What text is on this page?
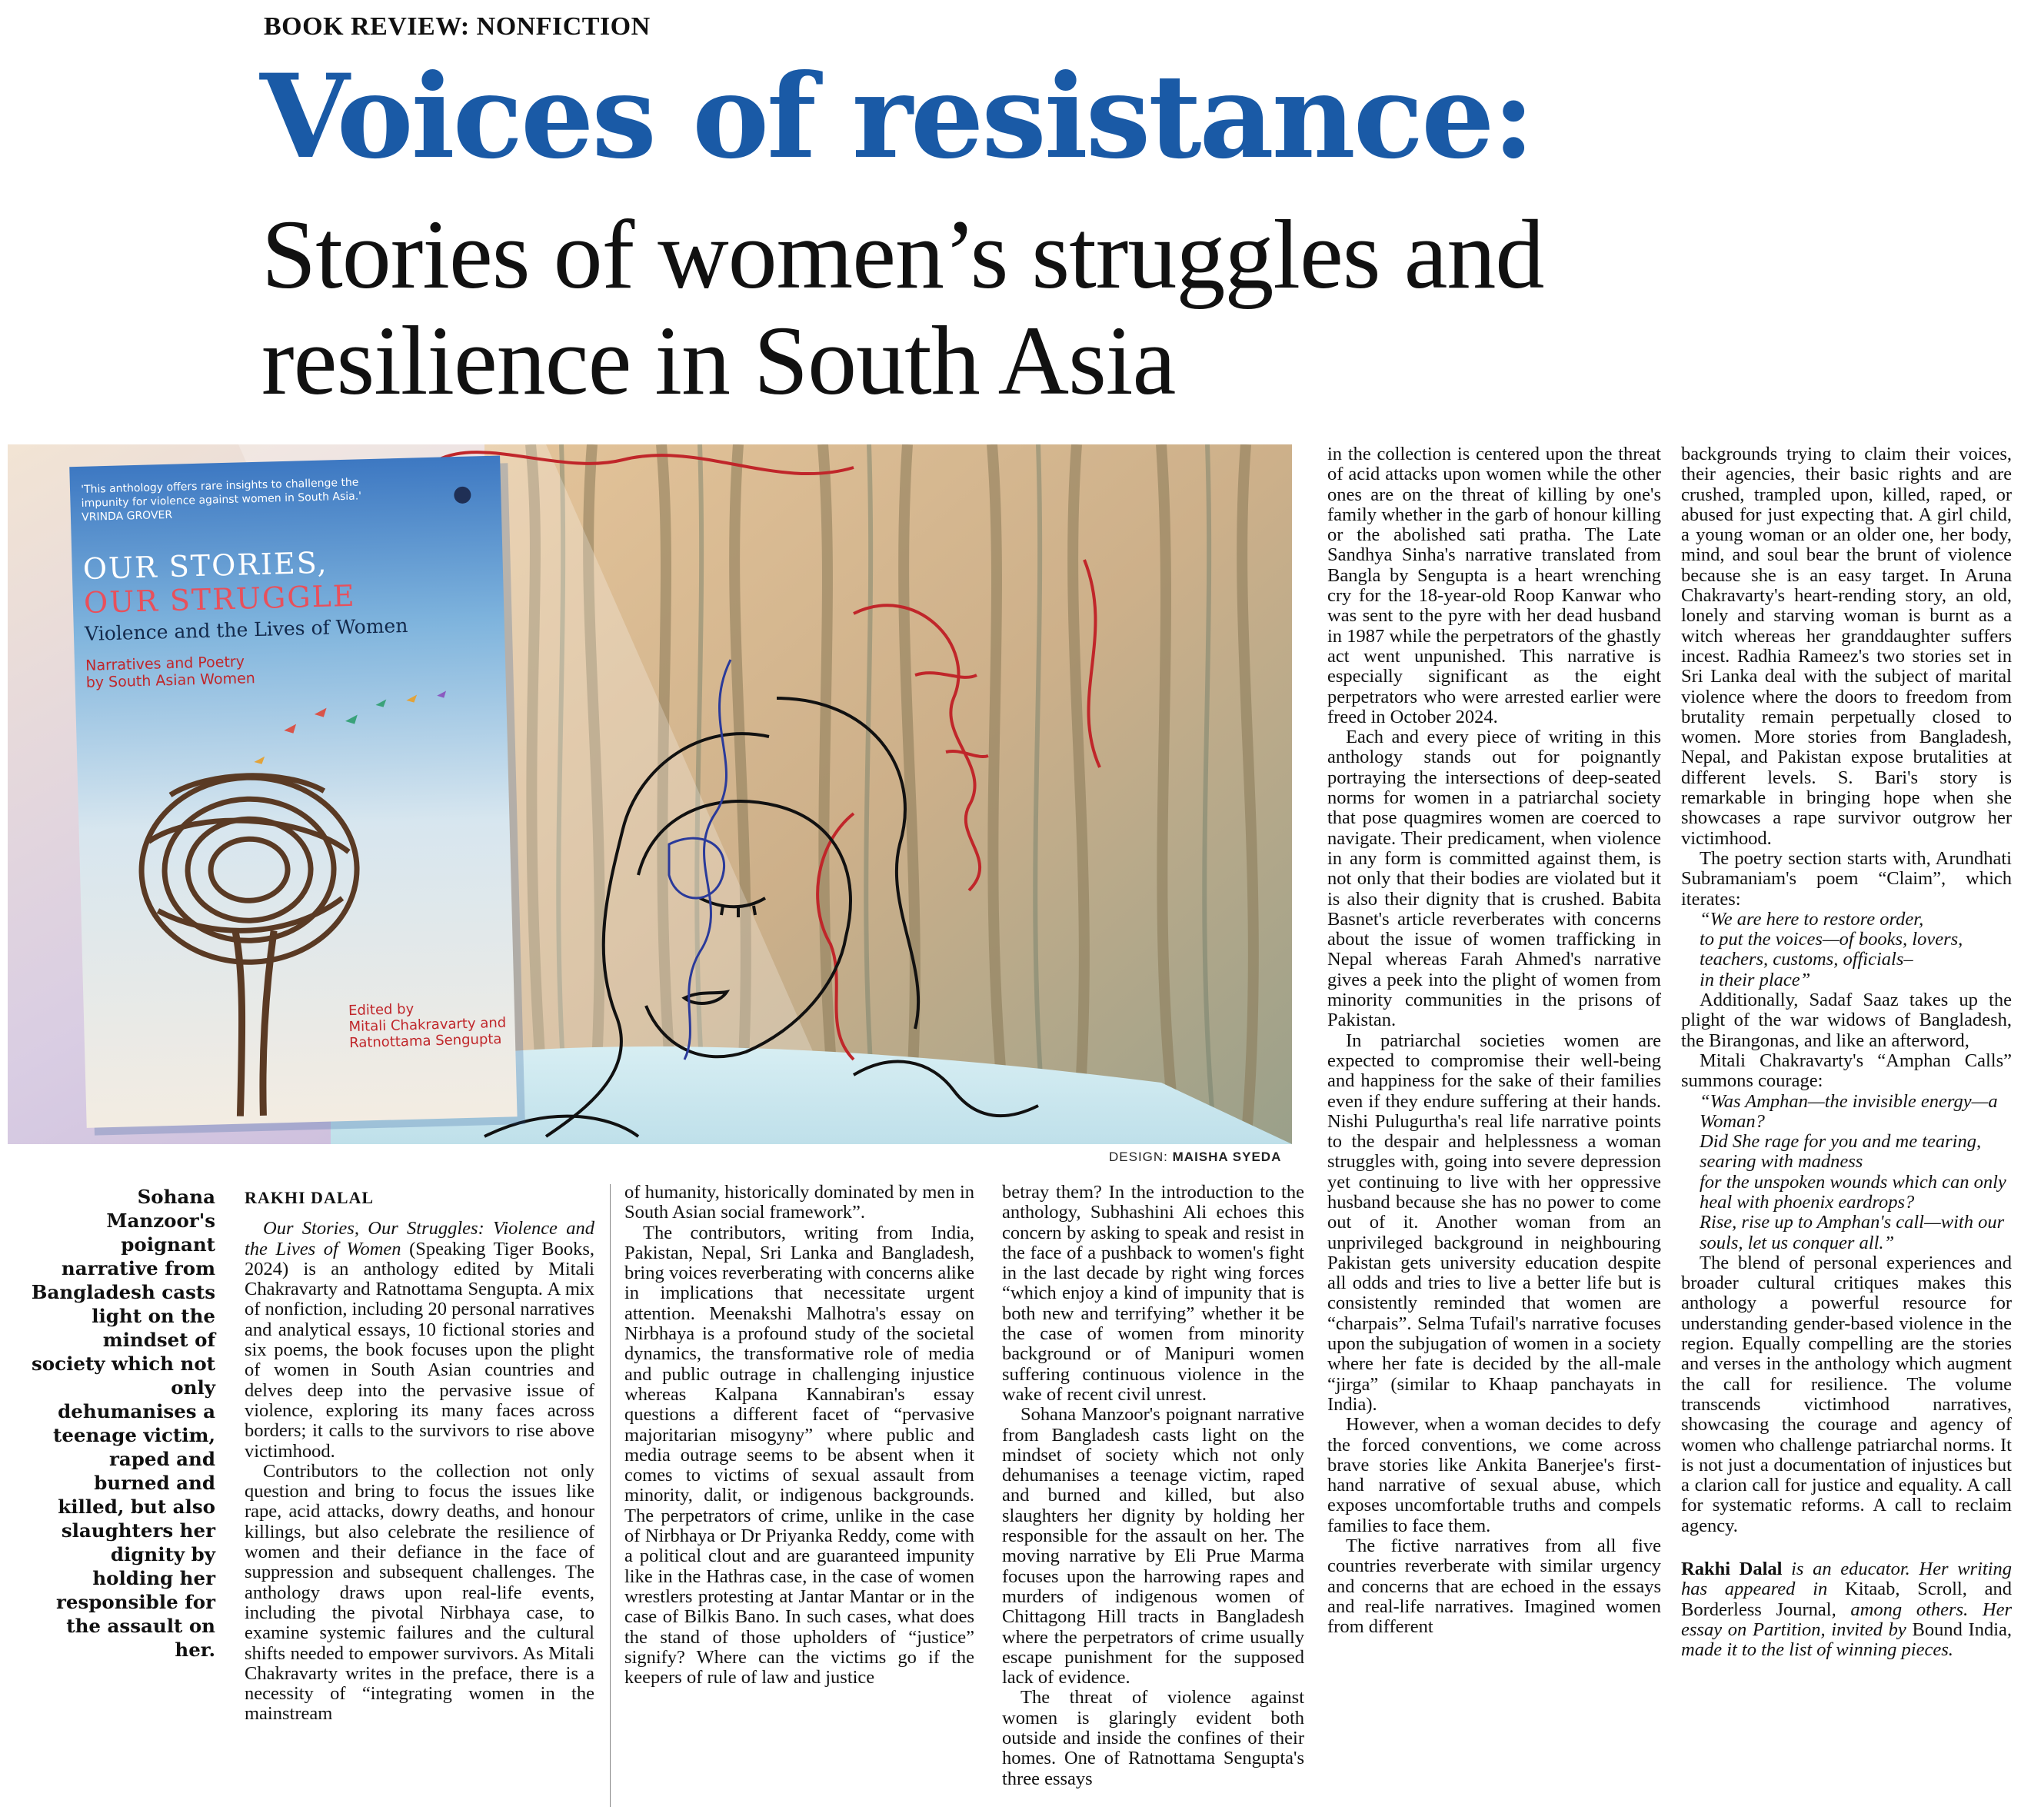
BOOK REVIEW: NONFICTION
Voices of resistance:
Stories of women’s struggles and
resilience in South Asia
'This anthology offers rare insights to challenge the impunity for violence against women in South Asia.' VRINDA GROVER
OUR STORIES,
OUR STRUGGLE
Violence and the Lives of Women
Narratives and Poetry
by South Asian Women
Edited by
Mitali Chakravarty and
Ratnottama Sengupta
DESIGN: MAISHA SYEDA
Sohana Manzoor's poignant narrative from Bangladesh casts light on the mindset of society which not only dehumanises a teenage victim, raped and burned and killed, but also slaughters her dignity by holding her responsible for the assault on her.
RAKHI DALAL

Our Stories, Our Struggles: Violence and the Lives of Women (Speaking Tiger Books, 2024) is an anthology edited by Mitali Chakravarty and Ratnottama Sengupta. A mix of nonfiction, including 20 personal narratives and analytical essays, 10 fictional stories and six poems, the book focuses upon the plight of women in South Asian countries and delves deep into the pervasive issue of violence, exploring its many faces across borders; it calls to the survivors to rise above victimhood.

Contributors to the collection not only question and bring to focus the issues like rape, acid attacks, dowry deaths, and honour killings, but also celebrate the resilience of women and their defiance in the face of suppression and subsequent challenges. The anthology draws upon real-life events, including the pivotal Nirbhaya case, to examine systemic failures and the cultural shifts needed to empower survivors. As Mitali Chakravarty writes in the preface, there is a necessity of “integrating women in the mainstream

of humanity, historically dominated by men in South Asian social framework”.

The contributors, writing from India, Pakistan, Nepal, Sri Lanka and Bangladesh, bring voices reverberating with concerns alike in implications that necessitate urgent attention. Meenakshi Malhotra's essay on Nirbhaya is a profound study of the societal dynamics, the transformative role of media and public outrage in challenging injustice whereas Kalpana Kannabiran's essay questions a different facet of “pervasive majoritarian misogyny” where public and media outrage seems to be absent when it comes to victims of sexual assault from minority, dalit, or indigenous backgrounds. The perpetrators of crime, unlike in the case of Nirbhaya or Dr Priyanka Reddy, come with a political clout and are guaranteed impunity like in the Hathras case, in the case of women wrestlers protesting at Jantar Mantar or in the case of Bilkis Bano. In such cases, what does the stand of those upholders of “justice” signify? Where can the victims go if the keepers of rule of law and justice

betray them? In the introduction to the anthology, Subhashini Ali echoes this concern by asking to speak and resist in the face of a pushback to women's fight in the last decade by right wing forces “which enjoy a kind of impunity that is both new and terrifying” whether it be the case of women from minority background or of Manipuri women suffering continuous violence in the wake of recent civil unrest.

Sohana Manzoor's poignant narrative from Bangladesh casts light on the mindset of society which not only dehumanises a teenage victim, raped and burned and killed, but also slaughters her dignity by holding her responsible for the assault on her. The moving narrative by Eli Prue Marma focuses upon the harrowing rapes and murders of indigenous women of Chittagong Hill tracts in Bangladesh where the perpetrators of crime usually escape punishment for the supposed lack of evidence.

The threat of violence against women is glaringly evident both outside and inside the confines of their homes. One of Ratnottama Sengupta's three essays

in the collection is centered upon the threat of acid attacks upon women while the other ones are on the threat of killing by one's family whether in the garb of honour killing or the abolished sati pratha. The Late Sandhya Sinha's narrative translated from Bangla by Sengupta is a heart wrenching cry for the 18-year-old Roop Kanwar who was sent to the pyre with her dead husband in 1987 while the perpetrators of the ghastly act went unpunished. This narrative is especially significant as the eight perpetrators who were arrested earlier were freed in October 2024.

Each and every piece of writing in this anthology stands out for poignantly portraying the intersections of deep-seated norms for women in a patriarchal society that pose quagmires women are coerced to navigate. Their predicament, when violence in any form is committed against them, is not only that their bodies are violated but it is also their dignity that is crushed. Babita Basnet's article reverberates with concerns about the issue of women trafficking in Nepal whereas Farah Ahmed's narrative gives a peek into the plight of women from minority communities in the prisons of Pakistan.

In patriarchal societies women are expected to compromise their well-being and happiness for the sake of their families even if they endure suffering at their hands. Nishi Pulugurtha's real life narrative points to the despair and helplessness a woman struggles with, going into severe depression yet continuing to live with her oppressive husband because she has no power to come out of it. Another woman from an unprivileged background in neighbouring Pakistan gets university education despite all odds and tries to live a better life but is consistently reminded that women are “charpais”. Selma Tufail's narrative focuses upon the subjugation of women in a society where her fate is decided by the all-male “jirga” (similar to Khaap panchayats in India).

However, when a woman decides to defy the forced conventions, we come across brave stories like Ankita Banerjee's first-hand narrative of sexual abuse, which exposes uncomfortable truths and compels families to face them.

The fictive narratives from all five countries reverberate with similar urgency and concerns that are echoed in the essays and real-life narratives. Imagined women from different

backgrounds trying to claim their voices, their agencies, their basic rights and are crushed, trampled upon, killed, raped, or abused for just expecting that. A girl child, a young woman or an older one, her body, mind, and soul bear the brunt of violence because she is an easy target. In Aruna Chakravarty's heart-rending story, an old, lonely and starving woman is burnt as a witch whereas her granddaughter suffers incest. Radhia Rameez's two stories set in Sri Lanka deal with the subject of marital violence where the doors to freedom from brutality remain perpetually closed to women. More stories from Bangladesh, Nepal, and Pakistan expose brutalities at different levels. S. Bari's story is remarkable in bringing hope when she showcases a rape survivor outgrow her victimhood.

The poetry section starts with, Arundhati Subramaniam's poem “Claim”, which iterates:

“We are here to restore order,
to put the voices—of books, lovers,
teachers, customs, officials–
in their place”

Additionally, Sadaf Saaz takes up the plight of the war widows of Bangladesh, the Birangonas, and like an afterword,

Mitali Chakravarty's “Amphan Calls” summons courage:

“Was Amphan—the invisible energy—a Woman?
Did She rage for you and me tearing, searing with madness
for the unspoken wounds which can only heal with phoenix eardrops?
Rise, rise up to Amphan's call—with our souls, let us conquer all.”

The blend of personal experiences and broader cultural critiques makes this anthology a powerful resource for understanding gender-based violence in the region. Equally compelling are the stories and verses in the anthology which augment the call for resilience. The volume transcends victimhood narratives, showcasing the courage and agency of women who challenge patriarchal norms. It is not just a documentation of injustices but a clarion call for justice and equality. A call for systematic reforms. A call to reclaim agency.

Rakhi Dalal is an educator. Her writing has appeared in Kitaab, Scroll, and Borderless Journal, among others. Her essay on Partition, invited by Bound India, made it to the list of winning pieces.
